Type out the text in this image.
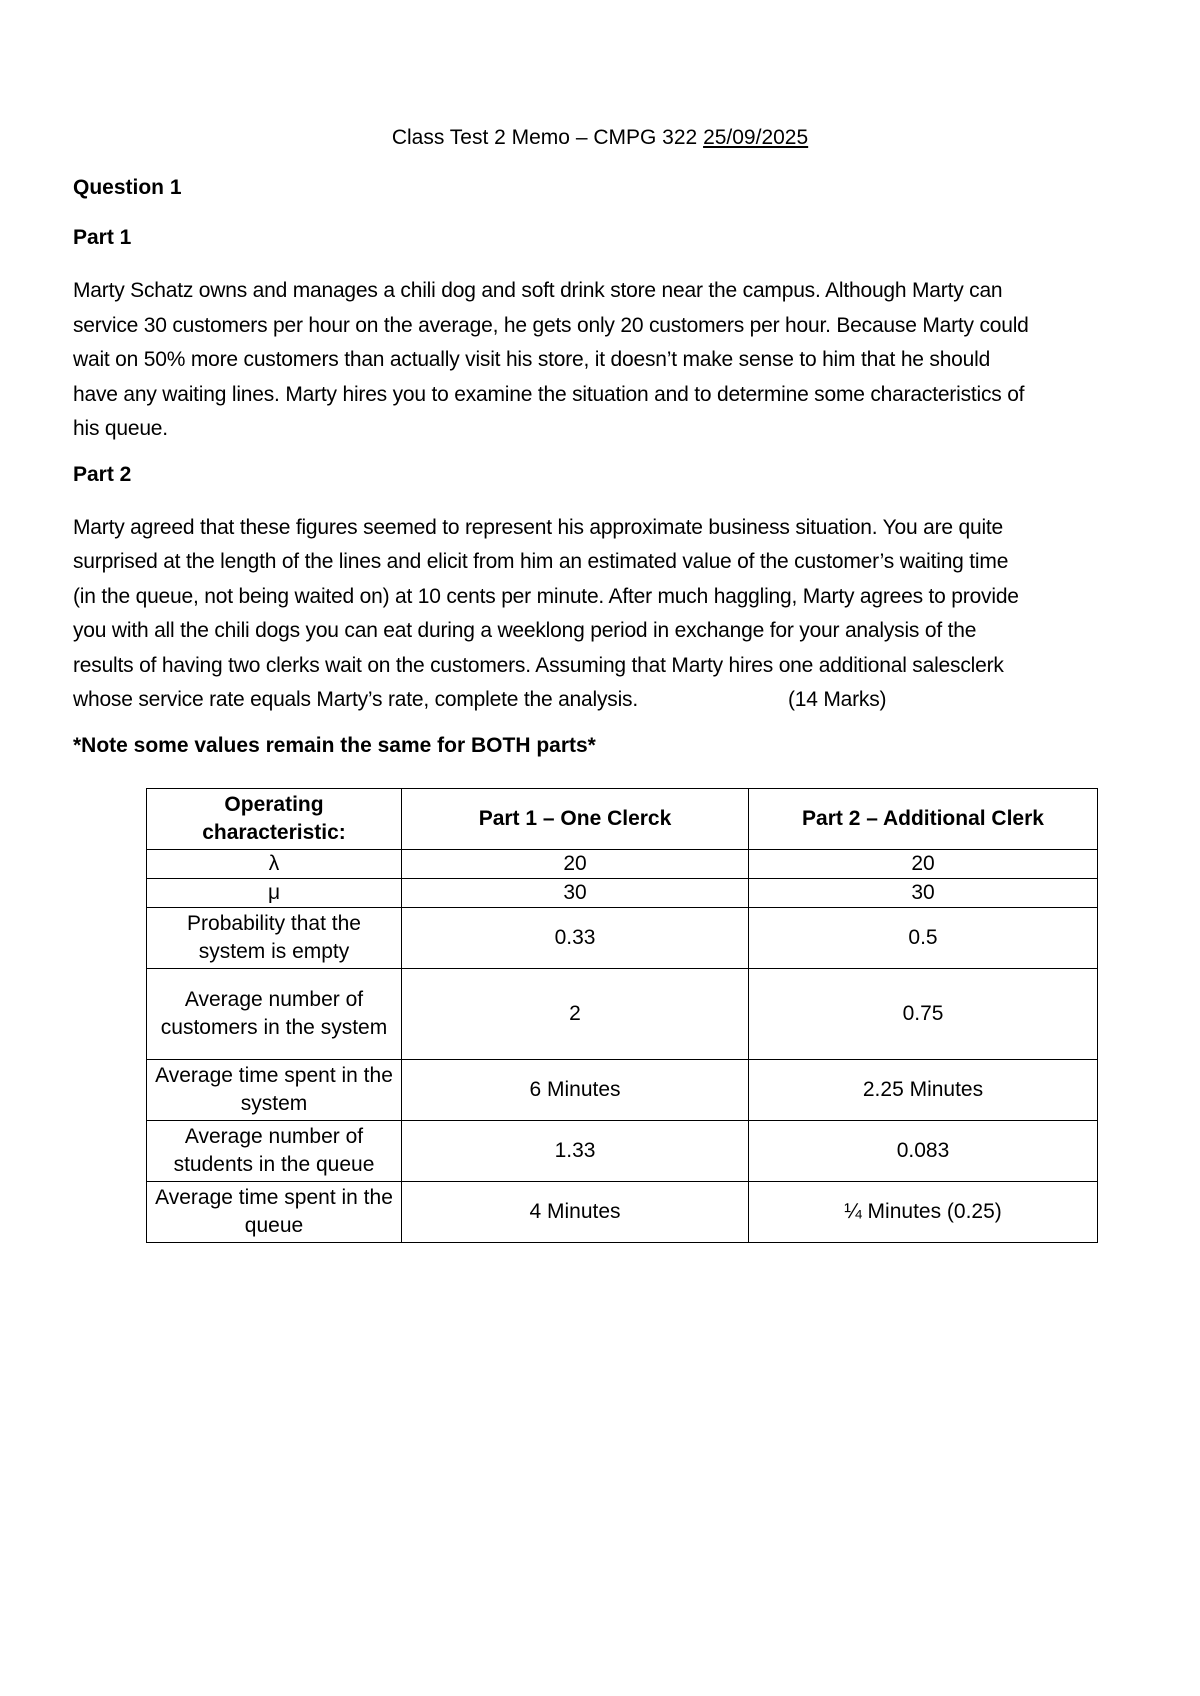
Class Test 2 Memo – CMPG 322 25/09/2025
Question 1
Part 1
Marty Schatz owns and manages a chili dog and soft drink store near the campus. Although Marty can
service 30 customers per hour on the average, he gets only 20 customers per hour. Because Marty could
wait on 50% more customers than actually visit his store, it doesn’t make sense to him that he should
have any waiting lines. Marty hires you to examine the situation and to determine some characteristics of
his queue.
Part 2
Marty agreed that these figures seemed to represent his approximate business situation. You are quite
surprised at the length of the lines and elicit from him an estimated value of the customer’s waiting time
(in the queue, not being waited on) at 10 cents per minute. After much haggling, Marty agrees to provide
you with all the chili dogs you can eat during a weeklong period in exchange for your analysis of the
results of having two clerks wait on the customers. Assuming that Marty hires one additional salesclerk
whose service rate equals Marty’s rate, complete the analysis.	(14 Marks)
*Note some values remain the same for BOTH parts*
Operating characteristic:	Part 1 – One Clerck	Part 2 – Additional Clerk
λ	20	20
μ	30	30
Probability that the system is empty	0.33	0.5
Average number of customers in the system	2	0.75
Average time spent in the system	6 Minutes	2.25 Minutes
Average number of students in the queue	1.33	0.083
Average time spent in the queue	4 Minutes	¼ Minutes (0.25)
